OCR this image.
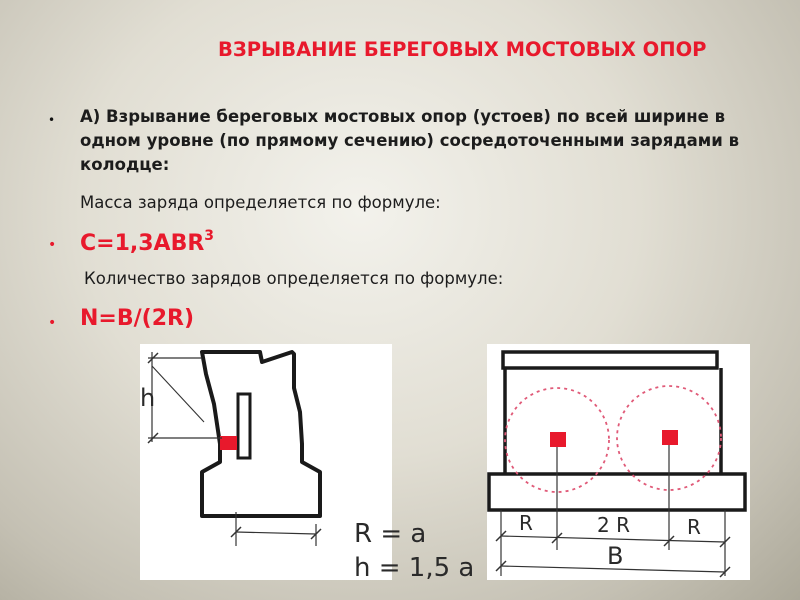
ВЗРЫВАНИЕ БЕРЕГОВЫХ МОСТОВЫХ ОПОР
• А) Взрывание береговых мостовых опор (устоев) по всей ширине в одном уровне (по прямому сечению) сосредоточенными зарядами в колодце:
Масса заряда определяется по формуле:
• $C=1,3ABR^3$
Количество зарядов определяется по формуле:
• N=B/(2R)
h
R = a
h = 1,5 a
R	2 R	R
B
